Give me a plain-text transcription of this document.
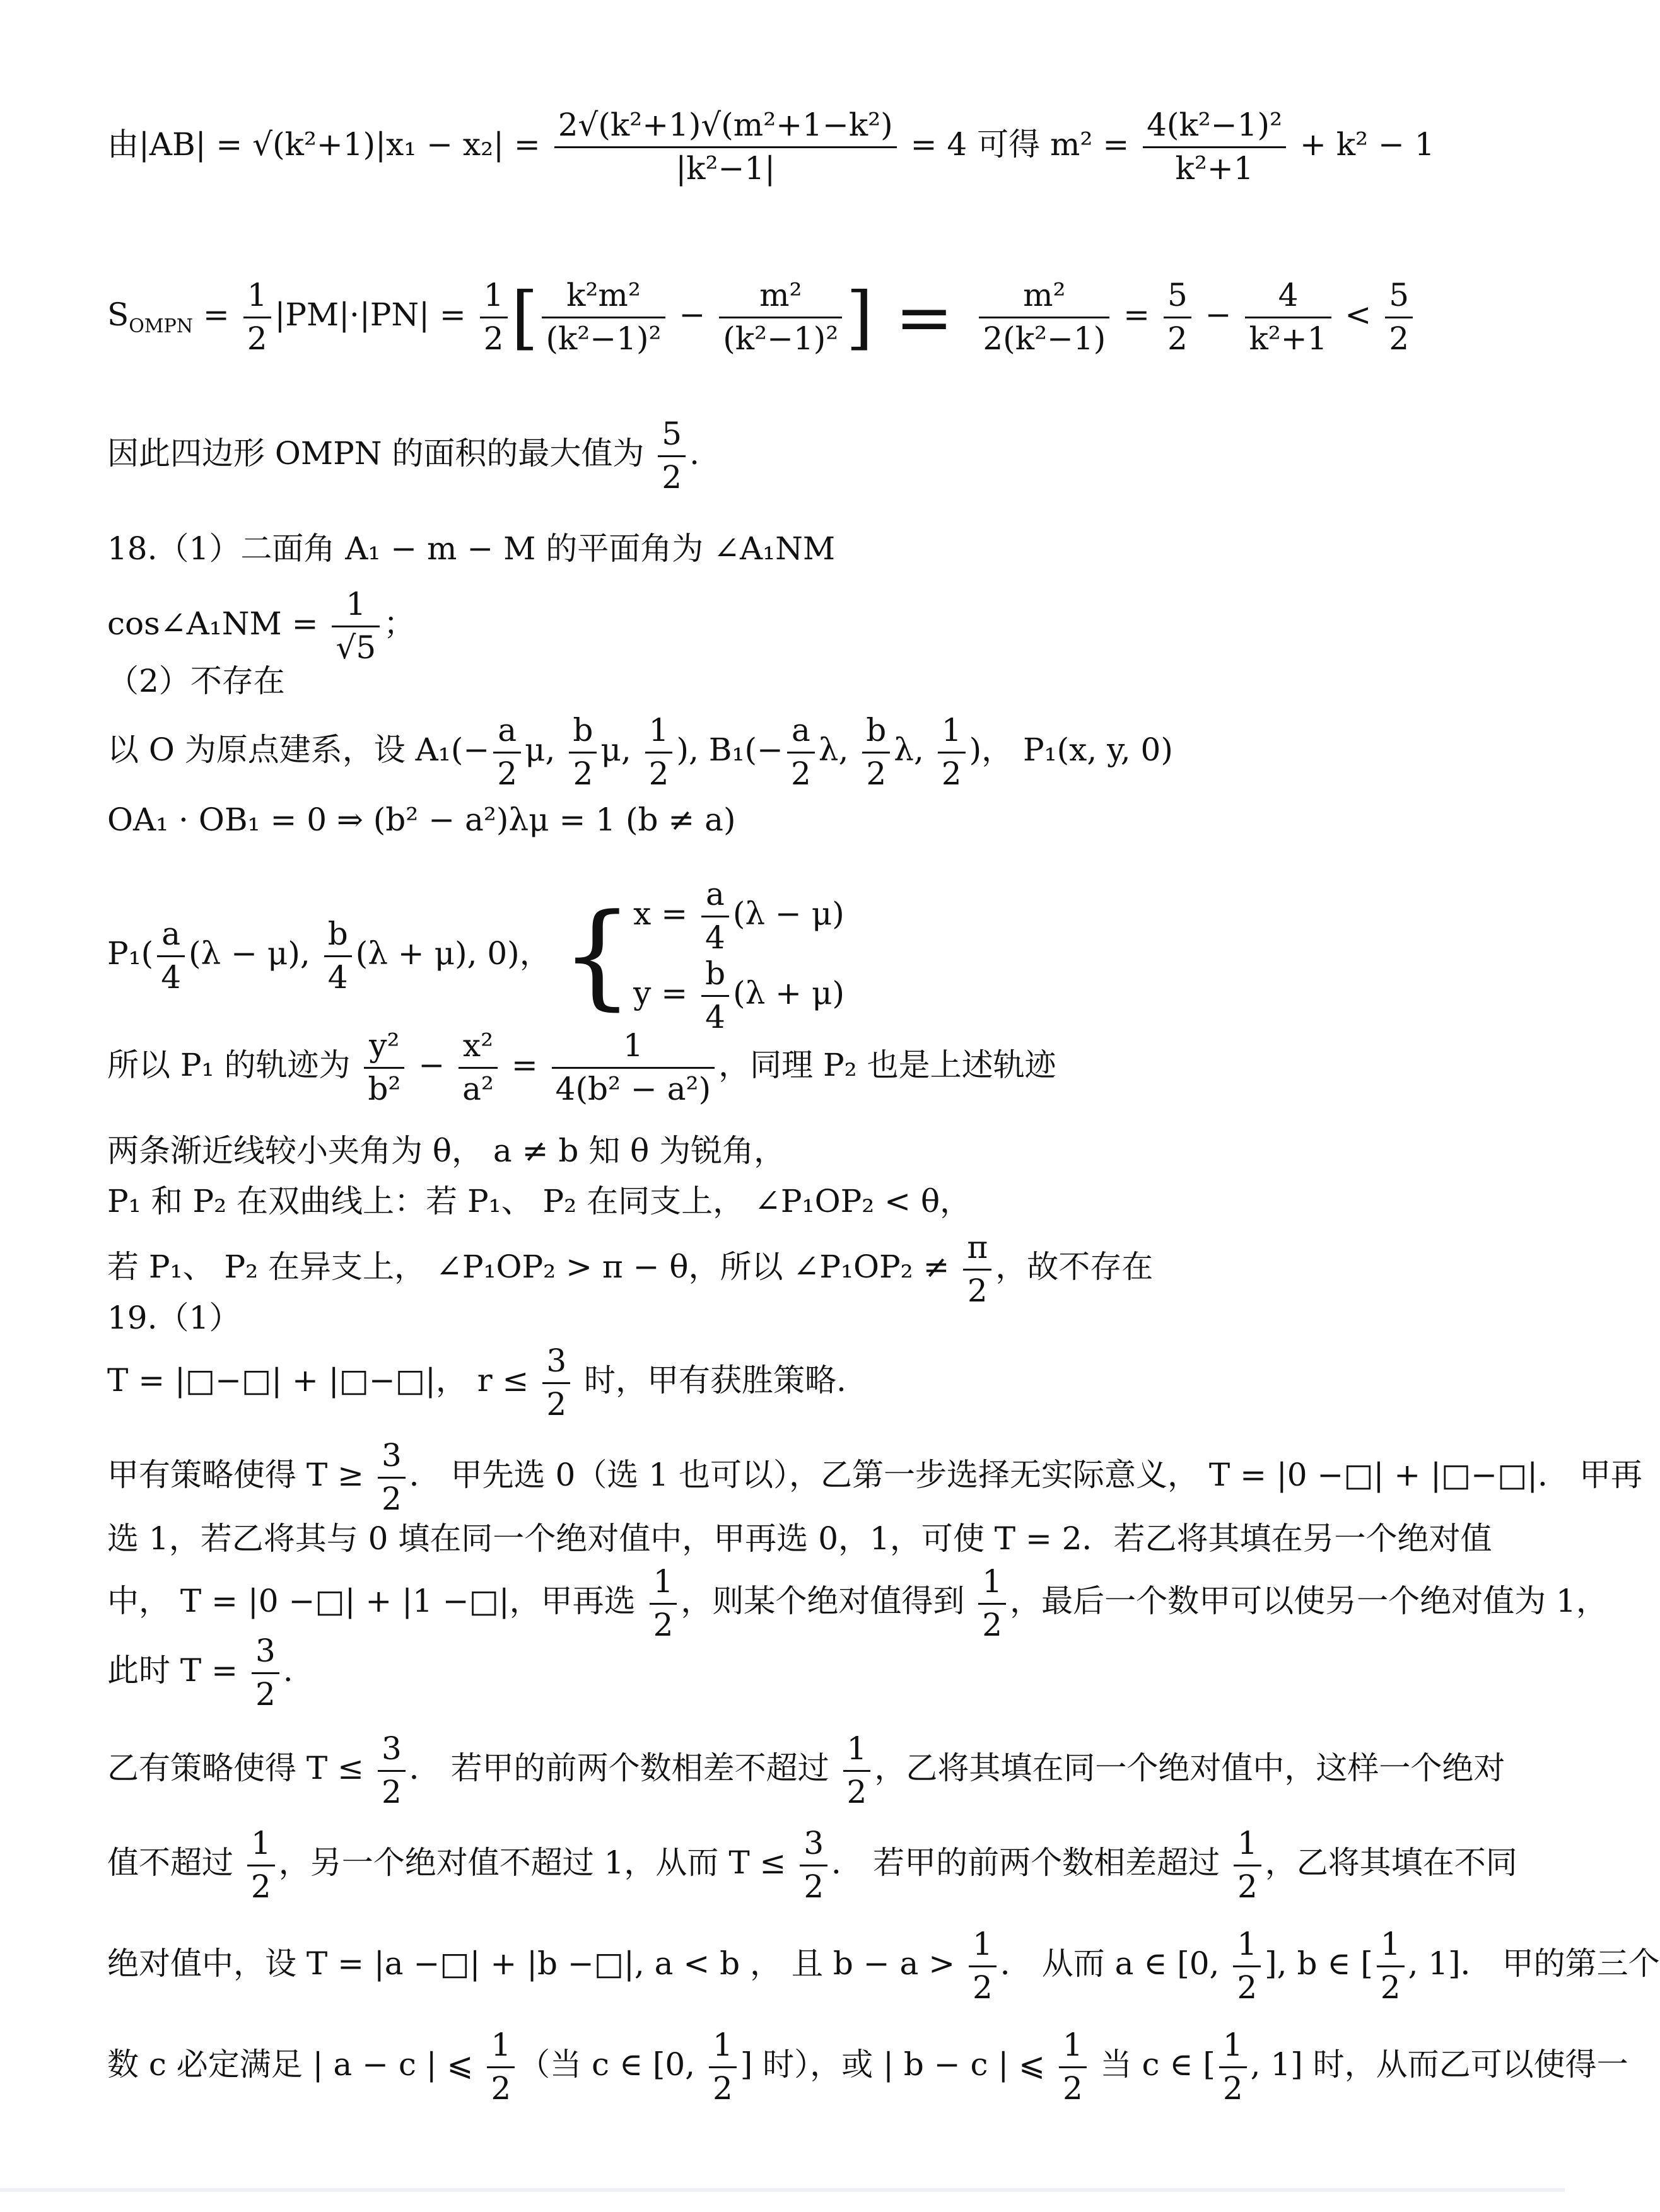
由$|AB| = √(k^2+1)|x_1 - x_2| = \frac{\text{2√(k²+1)√(m²+1−k²)}}{\text{|k²−1|}} = 4$ 可得 $m^2 = \frac{\text{4(k²−1)²}}{\text{k²+1}} + k^2 - 1$
$S_{OMPN} = \frac{1}{2} |PM|\cdot|PN| = \frac{1}{2}$ [ $\frac{\text{k²m²}}{\text{(k²−1)²}} - \frac{\text{m²}}{\text{(k²−1)²}}$ ] = $\frac{\text{m²}}{\text{2(k²−1)}} = \frac{5}{2} - \frac{4}{\text{k²+1}} < \frac{5}{2}$
因此四边形 OMPN 的面积的最大值为 $\frac{5}{2}$ .
18.（1）二面角 A₁ − m − M 的平面角为 ∠A₁NM
cos∠A₁NM = $\frac{1}{√5}$ ；
（2）不存在
以 O 为原点建系，设 $A_1(- \frac{a}{2} \mu$, $\frac{b}{2} \mu$, $\frac{1}{2}$ ), $B_1(- \frac{a}{2} \lambda$, $\frac{b}{2} \lambda$, $\frac{1}{2}$ )， P₁(x, y, 0)
OA₁ · OB₁ = 0 ⇒ (b² − a²)λμ = 1 (b ≠ a)
$P_1( \frac{a}{4} (\lambda - \mu)$, $\frac{b}{4} (\lambda + \mu)$, 0)， { $x = \frac{a}{4} (\lambda - \mu)$
$y = \frac{b}{4} (\lambda + \mu)$
所以 P₁ 的轨迹为 $\frac{\text{y²}}{\text{b²}} - \frac{\text{x²}}{\text{a²}} = \frac{1}{\text{4(b² − a²)}}$ ，同理 P₂ 也是上述轨迹
两条渐近线较小夹角为 θ， a ≠ b 知 θ 为锐角，
P₁ 和 P₂ 在双曲线上：若 P₁、 P₂ 在同支上， ∠P₁OP₂ < θ，
若 P₁、 P₂ 在异支上， ∠P₁OP₂ > π − θ，所以 ∠P₁OP₂ ≠ $\frac{\pi}{2}$ ，故不存在
19.（1）
T = |□−□| + |□−□|， $r \le \frac{3}{2}$ 时，甲有获胜策略.
甲有策略使得 $T \ge \frac{3}{2}$ ． 甲先选 0（选 1 也可以），乙第一步选择无实际意义， T = |0 −□| + |□−□|． 甲再
选 1，若乙将其与 0 填在同一个绝对值中，甲再选 0，1，可使 T = 2．若乙将其填在另一个绝对值
中， T = |0 −□| + |1 −□|，甲再选 $\frac{1}{2}$ ，则某个绝对值得到 $\frac{1}{2}$ ，最后一个数甲可以使另一个绝对值为 1，
此时 $T = \frac{3}{2}$ .
乙有策略使得 $T \le \frac{3}{2}$ ． 若甲的前两个数相差不超过 $\frac{1}{2}$ ，乙将其填在同一个绝对值中，这样一个绝对
值不超过 $\frac{1}{2}$ ，另一个绝对值不超过 1，从而 $T \le \frac{3}{2}$ ． 若甲的前两个数相差超过 $\frac{1}{2}$ ，乙将其填在不同
绝对值中，设 T = |a −□| + |b −□|, a < b ， 且 $b - a > \frac{1}{2}$ ． 从而 a ∈ [0, $\frac{1}{2}$ ], b ∈ [ $\frac{1}{2}$ , 1]． 甲的第三个
数 c 必定满足 | a − c | ⩽ $\frac{1}{2}$ （当 c ∈ [0, $\frac{1}{2}$ ] 时），或 | b − c | ⩽ $\frac{1}{2}$ 当 c ∈ [ $\frac{1}{2}$ , 1] 时，从而乙可以使得一
